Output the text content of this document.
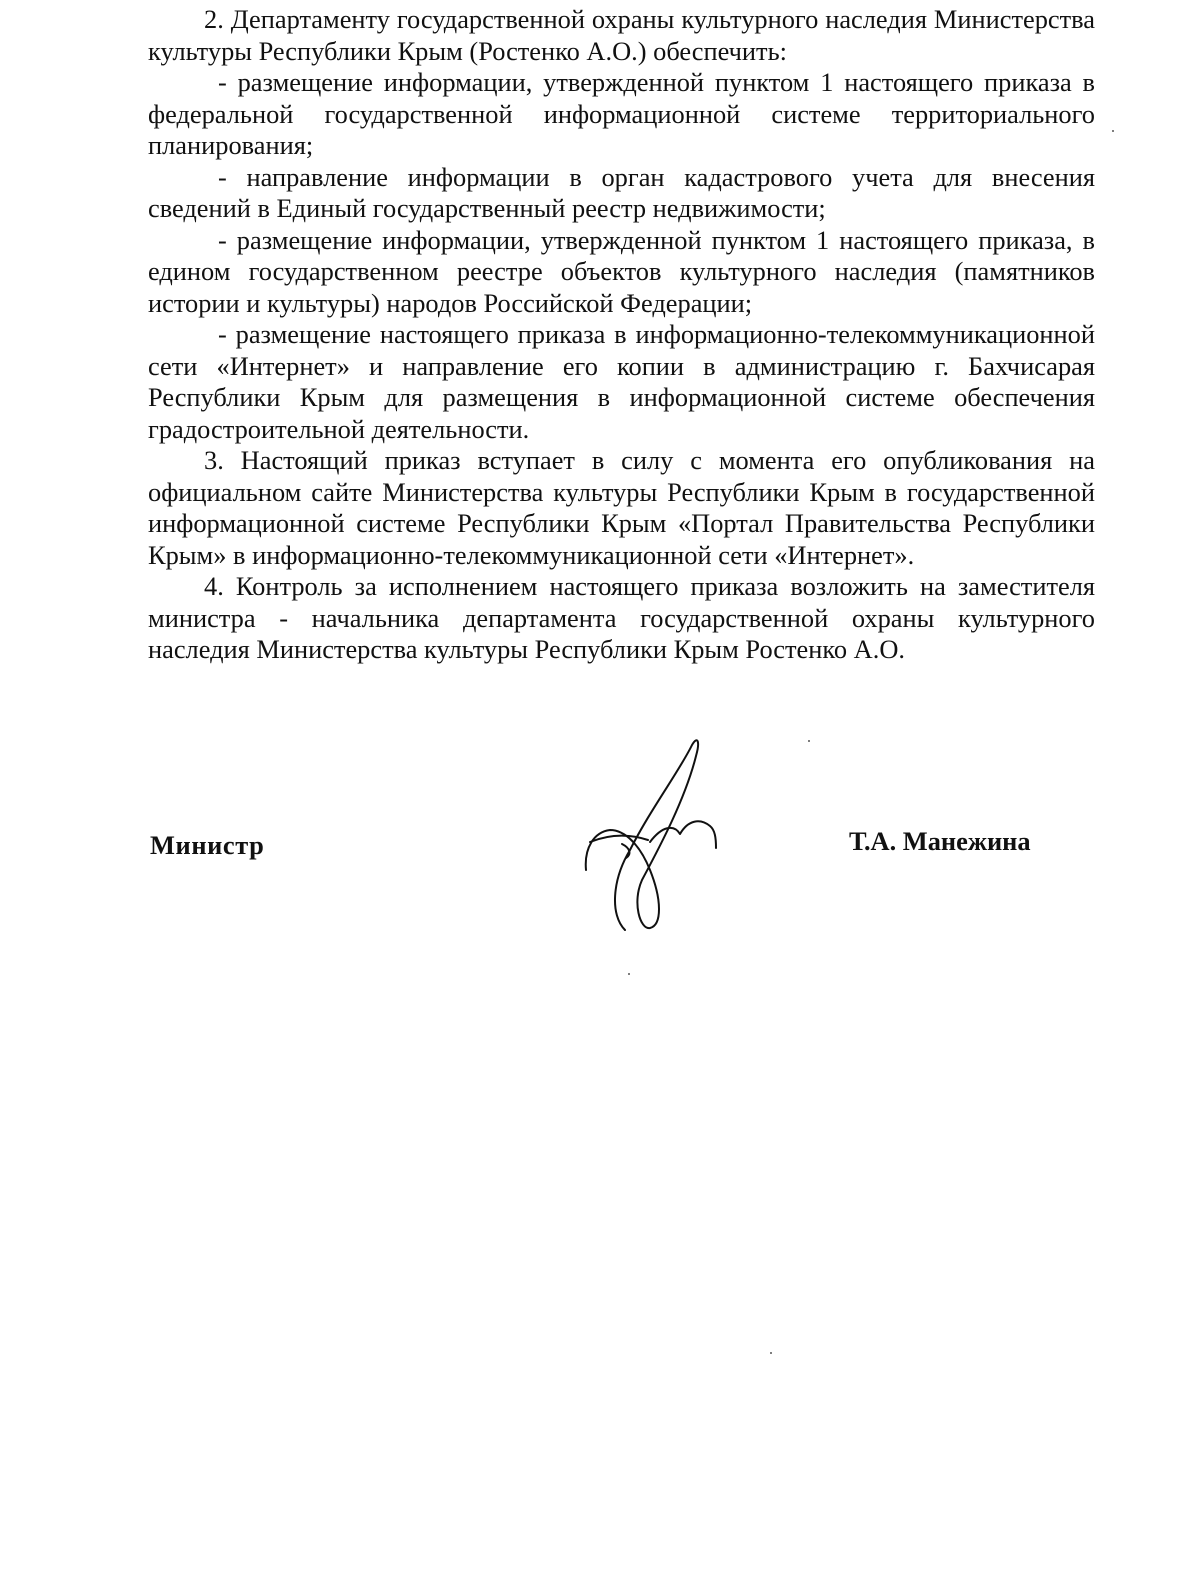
2. Департаменту государственной охраны культурного наследия Министерства культуры Республики Крым (Ростенко А.О.) обеспечить:

- размещение информации, утвержденной пунктом 1 настоящего приказа в федеральной государственной информационной системе территориального планирования;

- направление информации в орган кадастрового учета для внесения сведений в Единый государственный реестр недвижимости;

- размещение информации, утвержденной пунктом 1 настоящего приказа, в едином государственном реестре объектов культурного наследия (памятников истории и культуры) народов Российской Федерации;

- размещение настоящего приказа в информационно-телекоммуникационной сети «Интернет» и направление его копии в администрацию г. Бахчисарая Республики Крым для размещения в информационной системе обеспечения градостроительной деятельности.

3. Настоящий приказ вступает в силу с момента его опубликования на официальном сайте Министерства культуры Республики Крым в государственной информационной системе Республики Крым «Портал Правительства Республики Крым» в информационно-телекоммуникационной сети «Интернет».

4. Контроль за исполнением настоящего приказа возложить на заместителя министра - начальника департамента государственной охраны культурного наследия Министерства культуры Республики Крым Ростенко А.О.

Министр	Т.А. Манежина
